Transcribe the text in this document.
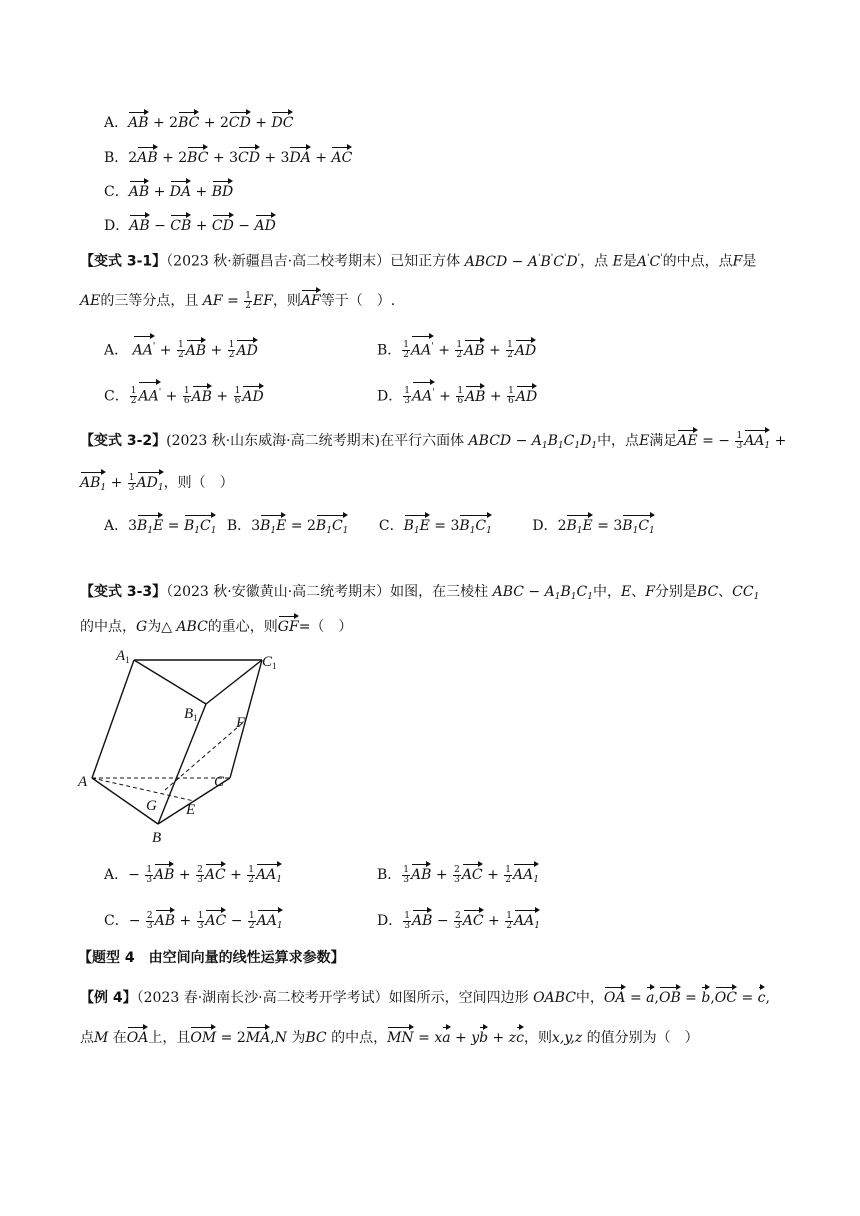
A．AB + 2BC + 2CD + DC
B．2AB + 2BC + 3CD + 3DA + AC
C．AB + DA + BD
D．AB − CB + CD − AD
【变式 3-1】（2023 秋·新疆昌吉·高二校考期末）已知正方体 ABCD − A'B'C'D'，点 E是A'C'的中点，点F是
AE的三等分点，且 AF = $\frac{1}{2}$ EF，则AF等于（　）.
A． $AA' + \frac{1}{2}$ AB + $\frac{1}{2}$ AD	B． $\frac{1}{2} AA' + \frac{1}{2}$ AB + $\frac{1}{2}$ AD
C． $\frac{1}{2} AA' + \frac{1}{6}$ AB + $\frac{1}{6}$ AD	D． $\frac{1}{3} AA' + \frac{1}{6}$ AB + $\frac{1}{6}$ AD
【变式 3-2】(2023 秋·山东威海·高二统考期末)在平行六面体 ABCD − $A_1B_1C_1D_1$中，点E满足AE = − $\frac{1}{3} AA_1$ +
$AB_1 + \frac{1}{3} AD_1$，则（　）
A．$3B_1E = B_1C_1$ B．$3B_1E = 2B_1C_1$ C．$B_1E = 3B_1C_1$	D．$2B_1E = 3B_1C_1$
【变式 3-3】（2023 秋·安徽黄山·高二统考期末）如图，在三棱柱 ABC − $A_1B_1C_1$中，E、F分别是BC、$CC_1$
的中点，G为△ ABC的重心，则GF=（　）
$A_1$	$C_1$
$B_1$	F
A	C
G E
B
A．− $\frac{1}{3}$ AB + $\frac{2}{3}$ AC + $\frac{1}{2} AA_1$	B． $\frac{1}{3}$ AB + $\frac{2}{3}$ AC + $\frac{1}{2} AA_1$
C．− $\frac{2}{3}$ AB + $\frac{1}{3}$ AC − $\frac{1}{2} AA_1$	D． $\frac{1}{3}$ AB − $\frac{2}{3}$ AC + $\frac{1}{2} AA_1$
【题型 4　由空间向量的线性运算求参数】
【例 4】（2023 春·湖南长沙·高二校考开学考试）如图所示，空间四边形 OABC中，OA = a,OB = b,OC = c,
点M 在OA上，且OM = 2MA,N 为BC 的中点，MN = xa + yb + zc，则x,y,z 的值分别为（　）
